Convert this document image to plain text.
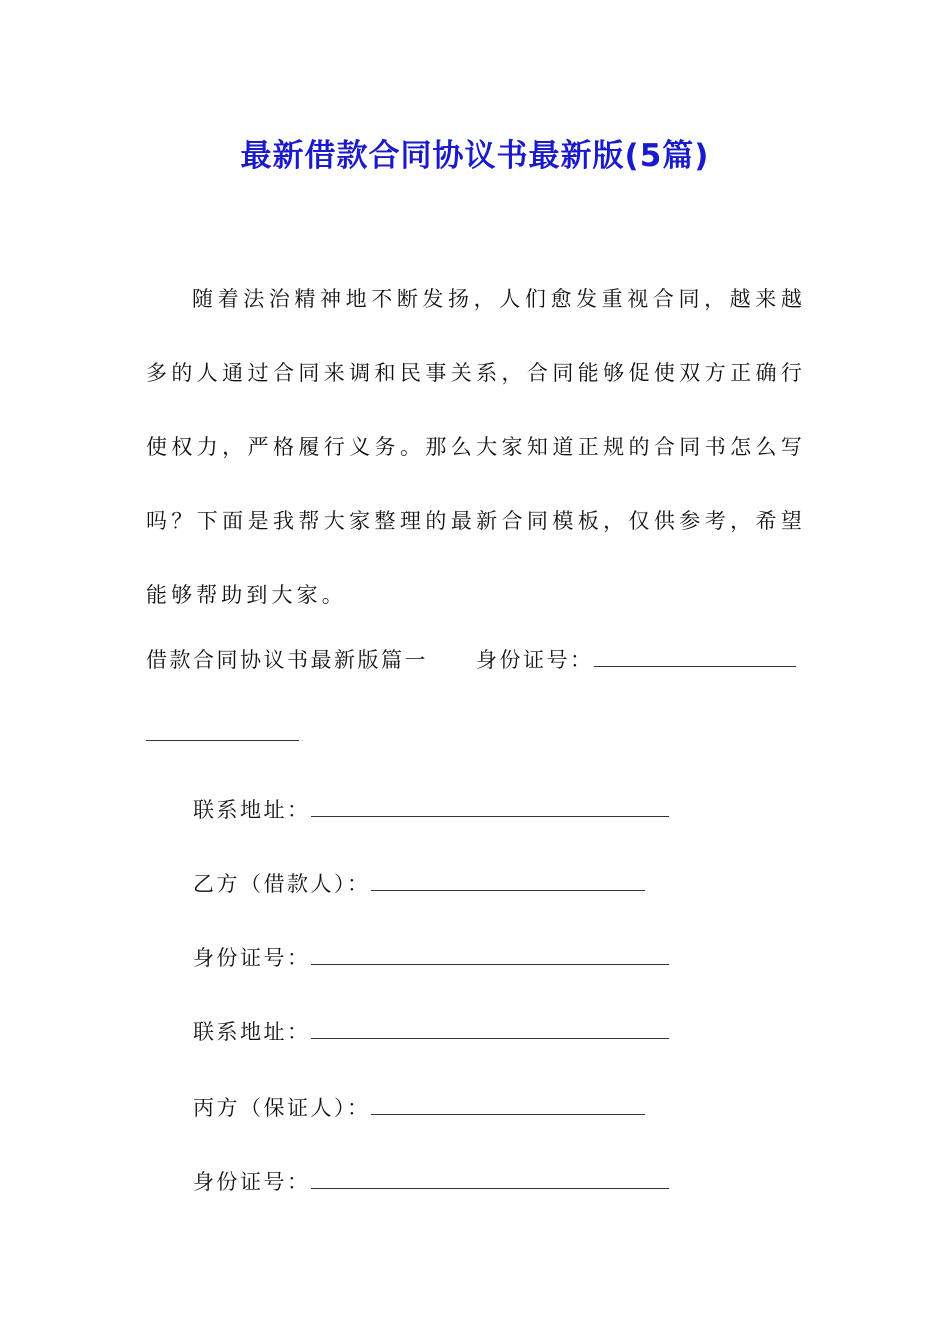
最新借款合同协议书最新版(5篇)

随着法治精神地不断发扬，人们愈发重视合同，越来越多的人通过合同来调和民事关系，合同能够促使双方正确行使权力，严格履行义务。那么大家知道正规的合同书怎么写吗？下面是我帮大家整理的最新合同模板，仅供参考，希望能够帮助到大家。

借款合同协议书最新版篇一 身份证号：

联系地址：

乙方（借款人）：

身份证号：

联系地址：

丙方（保证人）：

身份证号：
